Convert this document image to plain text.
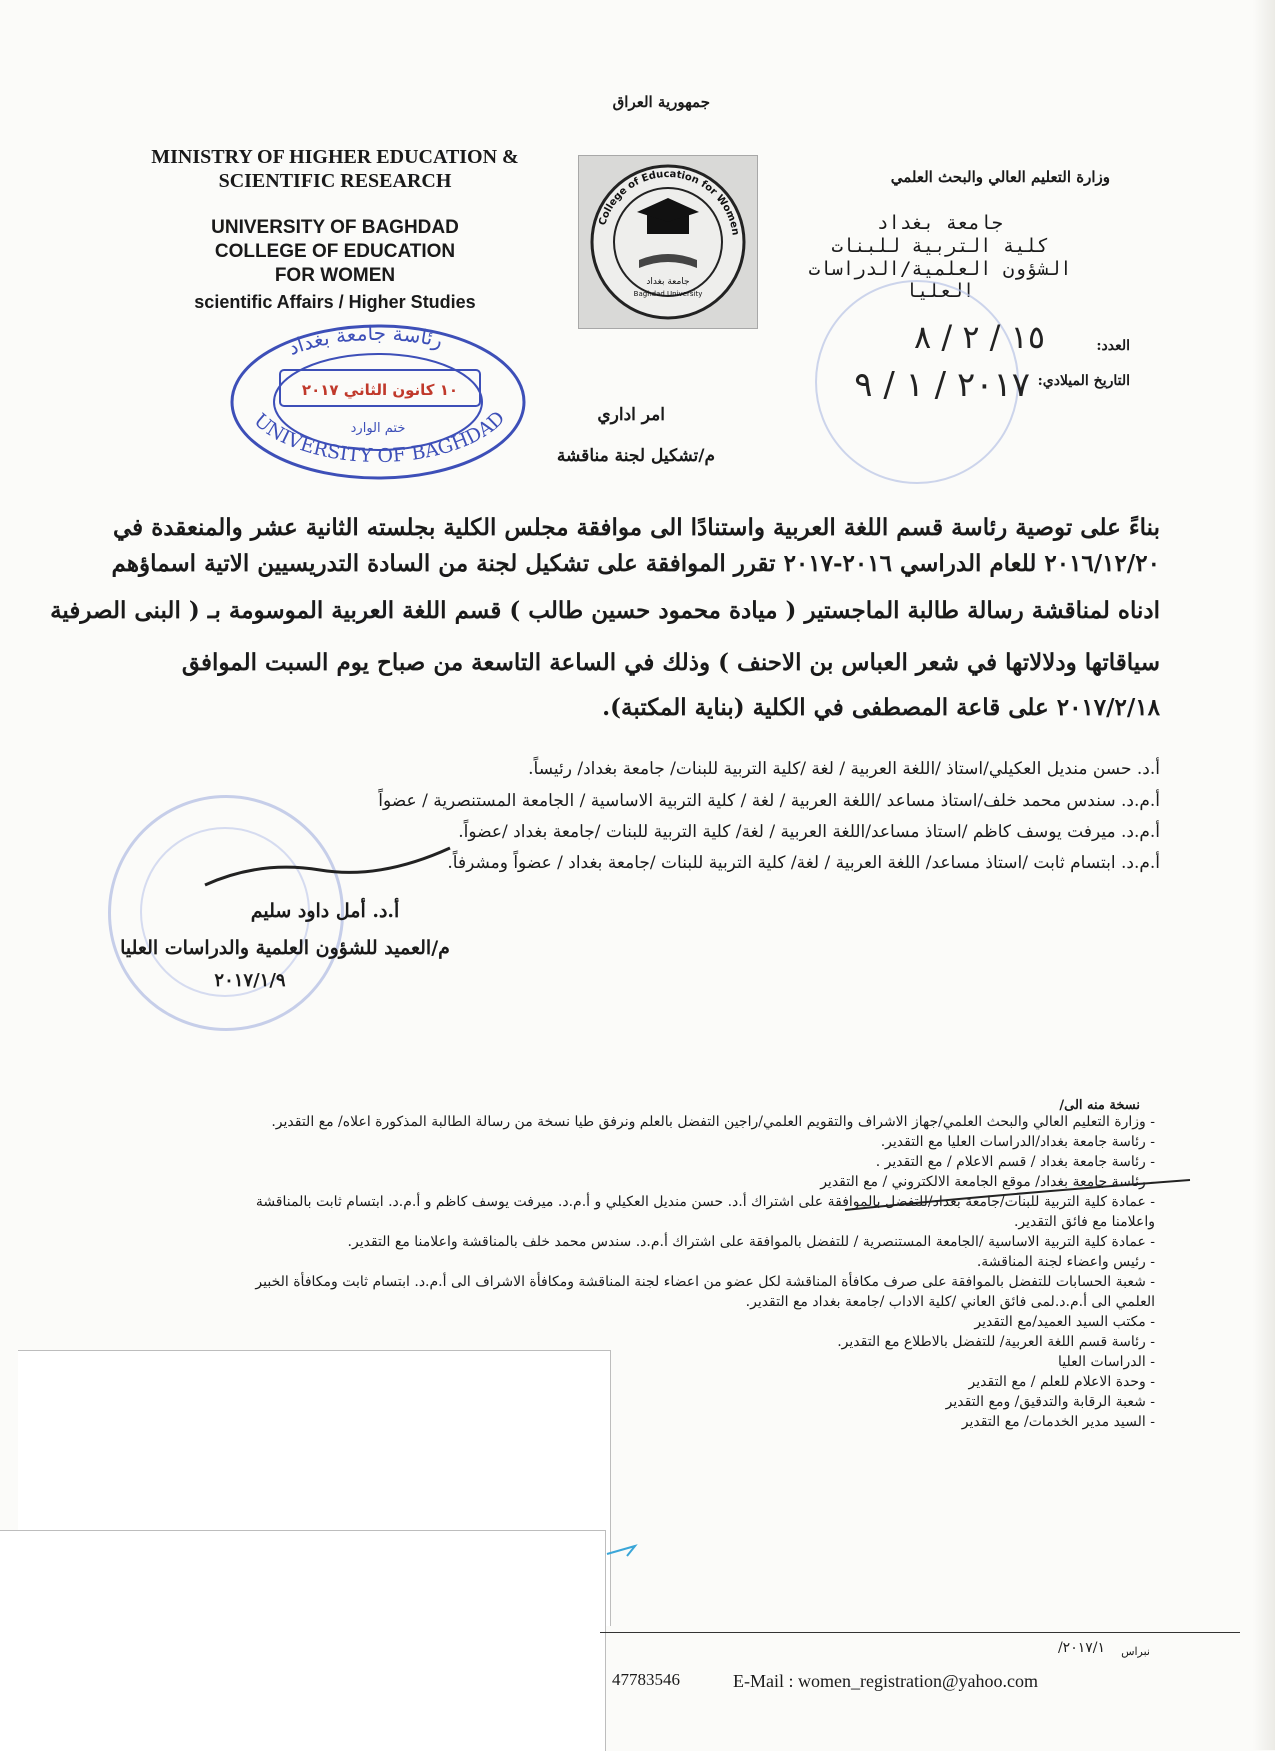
جمهورية العراق
MINISTRY OF HIGHER EDUCATION &
SCIENTIFIC RESEARCH
UNIVERSITY OF BAGHDAD
COLLEGE OF EDUCATION
FOR WOMEN
scientific Affairs / Higher Studies
College of Education for Women
جامعة بغداد
Baghdad University
وزارة التعليم العالي والبحث العلمي
جامعة بغداد
كلية التربية للبنات
الشؤون العلمية/الدراسات العليا
العدد:
١٥ / ٢ / ٨
التاريخ الميلادي:
٢٠١٧ / ١ / ٩
رئاسة جامعة بغداد
UNIVERSITY OF BAGHDAD
١٠ كانون الثاني ٢٠١٧
ختم الوارد
امر اداري
م/تشكيل لجنة مناقشة
بناءً على توصية رئاسة قسم اللغة العربية واستنادًا الى موافقة مجلس الكلية بجلسته الثانية عشر والمنعقدة في
٢٠١٦/١٢/٢٠ للعام الدراسي ٢٠١٦-٢٠١٧ تقرر الموافقة على تشكيل لجنة من السادة التدريسيين الاتية اسماؤهم
ادناه لمناقشة رسالة طالبة الماجستير ( ميادة محمود حسين طالب ) قسم اللغة العربية الموسومة بـ ( البنى الصرفية
سياقاتها ودلالاتها في شعر العباس بن الاحنف ) وذلك في الساعة التاسعة من صباح يوم السبت الموافق
٢٠١٧/٢/١٨ على قاعة المصطفى في الكلية (بناية المكتبة).
أ.د. حسن منديل العكيلي/استاذ /اللغة العربية / لغة /كلية التربية للبنات/ جامعة بغداد/ رئيساً.
أ.م.د. سندس محمد خلف/استاذ مساعد /اللغة العربية / لغة / كلية التربية الاساسية / الجامعة المستنصرية / عضواً
أ.م.د. ميرفت يوسف كاظم /استاذ مساعد/اللغة العربية / لغة/ كلية التربية للبنات /جامعة بغداد /عضواً.
أ.م.د. ابتسام ثابت /استاذ مساعد/ اللغة العربية / لغة/ كلية التربية للبنات /جامعة بغداد / عضواً ومشرفاً.
أ.د. أمل داود سليم
م/العميد للشؤون العلمية والدراسات العليا
٢٠١٧/١/٩
نسخة منه الى/
- وزارة التعليم العالي والبحث العلمي/جهاز الاشراف والتقويم العلمي/راجين التفضل بالعلم ونرفق طيا نسخة من رسالة الطالبة المذكورة اعلاه/ مع التقدير.
- رئاسة جامعة بغداد/الدراسات العليا مع التقدير.
- رئاسة جامعة بغداد / قسم الاعلام / مع التقدير .
- رئاسة جامعة بغداد/ موقع الجامعة الالكتروني / مع التقدير
- عمادة كلية التربية للبنات/جامعة بغداد/للتفضل بالموافقة على اشتراك أ.د. حسن منديل العكيلي و أ.م.د. ميرفت يوسف كاظم و أ.م.د. ابتسام ثابت بالمناقشة
واعلامنا مع فائق التقدير.
- عمادة كلية التربية الاساسية /الجامعة المستنصرية / للتفضل بالموافقة على اشتراك أ.م.د. سندس محمد خلف بالمناقشة واعلامنا مع التقدير.
- رئيس واعضاء لجنة المناقشة.
- شعبة الحسابات للتفضل بالموافقة على صرف مكافأة المناقشة لكل عضو من اعضاء لجنة المناقشة ومكافأة الاشراف الى أ.م.د. ابتسام ثابت ومكافأة الخبير
العلمي الى أ.م.د.لمى فائق العاني /كلية الاداب /جامعة بغداد مع التقدير.
- مكتب السيد العميد/مع التقدير
- رئاسة قسم اللغة العربية/ للتفضل بالاطلاع مع التقدير.
- الدراسات العليا
- وحدة الاعلام للعلم / مع التقدير
- شعبة الرقابة والتدقيق/ ومع التقدير
- السيد مدير الخدمات/ مع التقدير
٢٠١٧/١/	نبراس
47783546	E-Mail : women_registration@yahoo.com
